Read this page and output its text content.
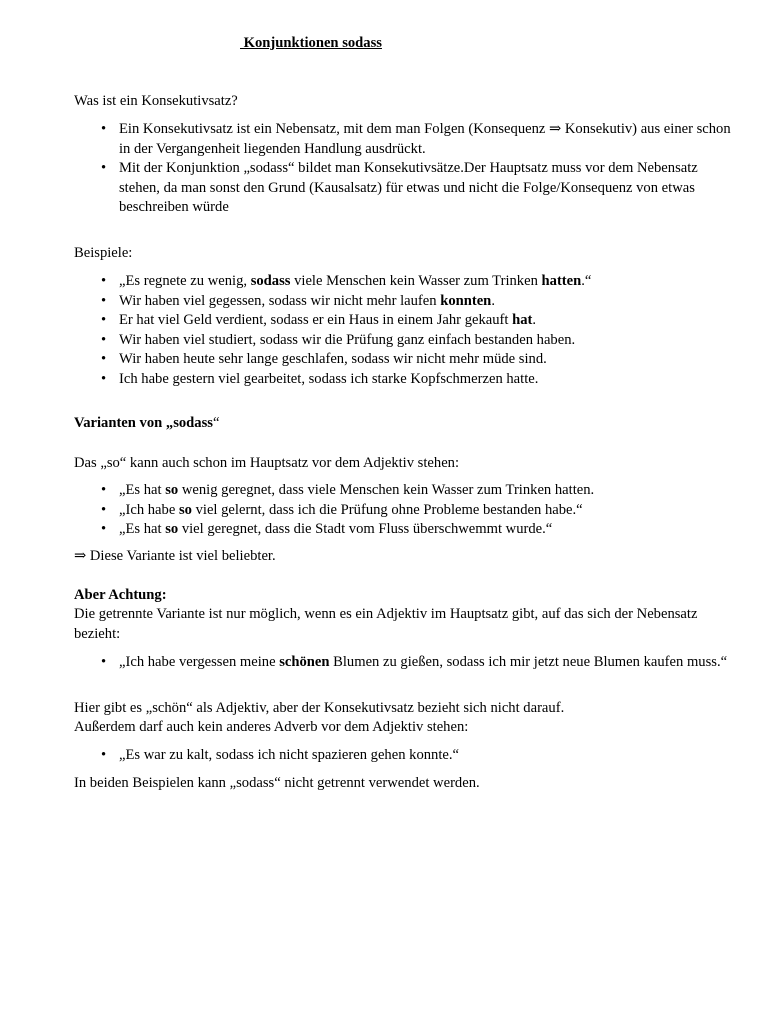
Konjunktionen sodass

Was ist ein Konsekutivsatz?

• Ein Konsekutivsatz ist ein Nebensatz, mit dem man Folgen (Konsequenz ⇒ Konsekutiv) aus einer schon in der Vergangenheit liegenden Handlung ausdrückt.
• Mit der Konjunktion „sodass“ bildet man Konsekutivsätze.Der Hauptsatz muss vor dem Nebensatz stehen, da man sonst den Grund (Kausalsatz) für etwas und nicht die Folge/Konsequenz von etwas beschreiben würde
Beispiele:
• „Es regnete zu wenig, sodass viele Menschen kein Wasser zum Trinken hatten.“
• Wir haben viel gegessen, sodass wir nicht mehr laufen konnten.
• Er hat viel Geld verdient, sodass er ein Haus in einem Jahr gekauft hat.
• Wir haben viel studiert, sodass wir die Prüfung ganz einfach bestanden haben.
• Wir haben heute sehr lange geschlafen, sodass wir nicht mehr müde sind.
• Ich habe gestern viel gearbeitet, sodass ich starke Kopfschmerzen hatte.
Varianten von „sodass“
Das „so“ kann auch schon im Hauptsatz vor dem Adjektiv stehen:
• „Es hat so wenig geregnet, dass viele Menschen kein Wasser zum Trinken hatten.
• „Ich habe so viel gelernt, dass ich die Prüfung ohne Probleme bestanden habe.“
• „Es hat so viel geregnet, dass die Stadt vom Fluss überschwemmt wurde.“
⇒ Diese Variante ist viel beliebter.
Aber Achtung:
Die getrennte Variante ist nur möglich, wenn es ein Adjektiv im Hauptsatz gibt, auf das sich der Nebensatz bezieht:
• „Ich habe vergessen meine schönen Blumen zu gießen, sodass ich mir jetzt neue Blumen kaufen muss.“
Hier gibt es „schön“ als Adjektiv, aber der Konsekutivsatz bezieht sich nicht darauf.
Außerdem darf auch kein anderes Adverb vor dem Adjektiv stehen:
• „Es war zu kalt, sodass ich nicht spazieren gehen konnte.“
In beiden Beispielen kann „sodass“ nicht getrennt verwendet werden.
